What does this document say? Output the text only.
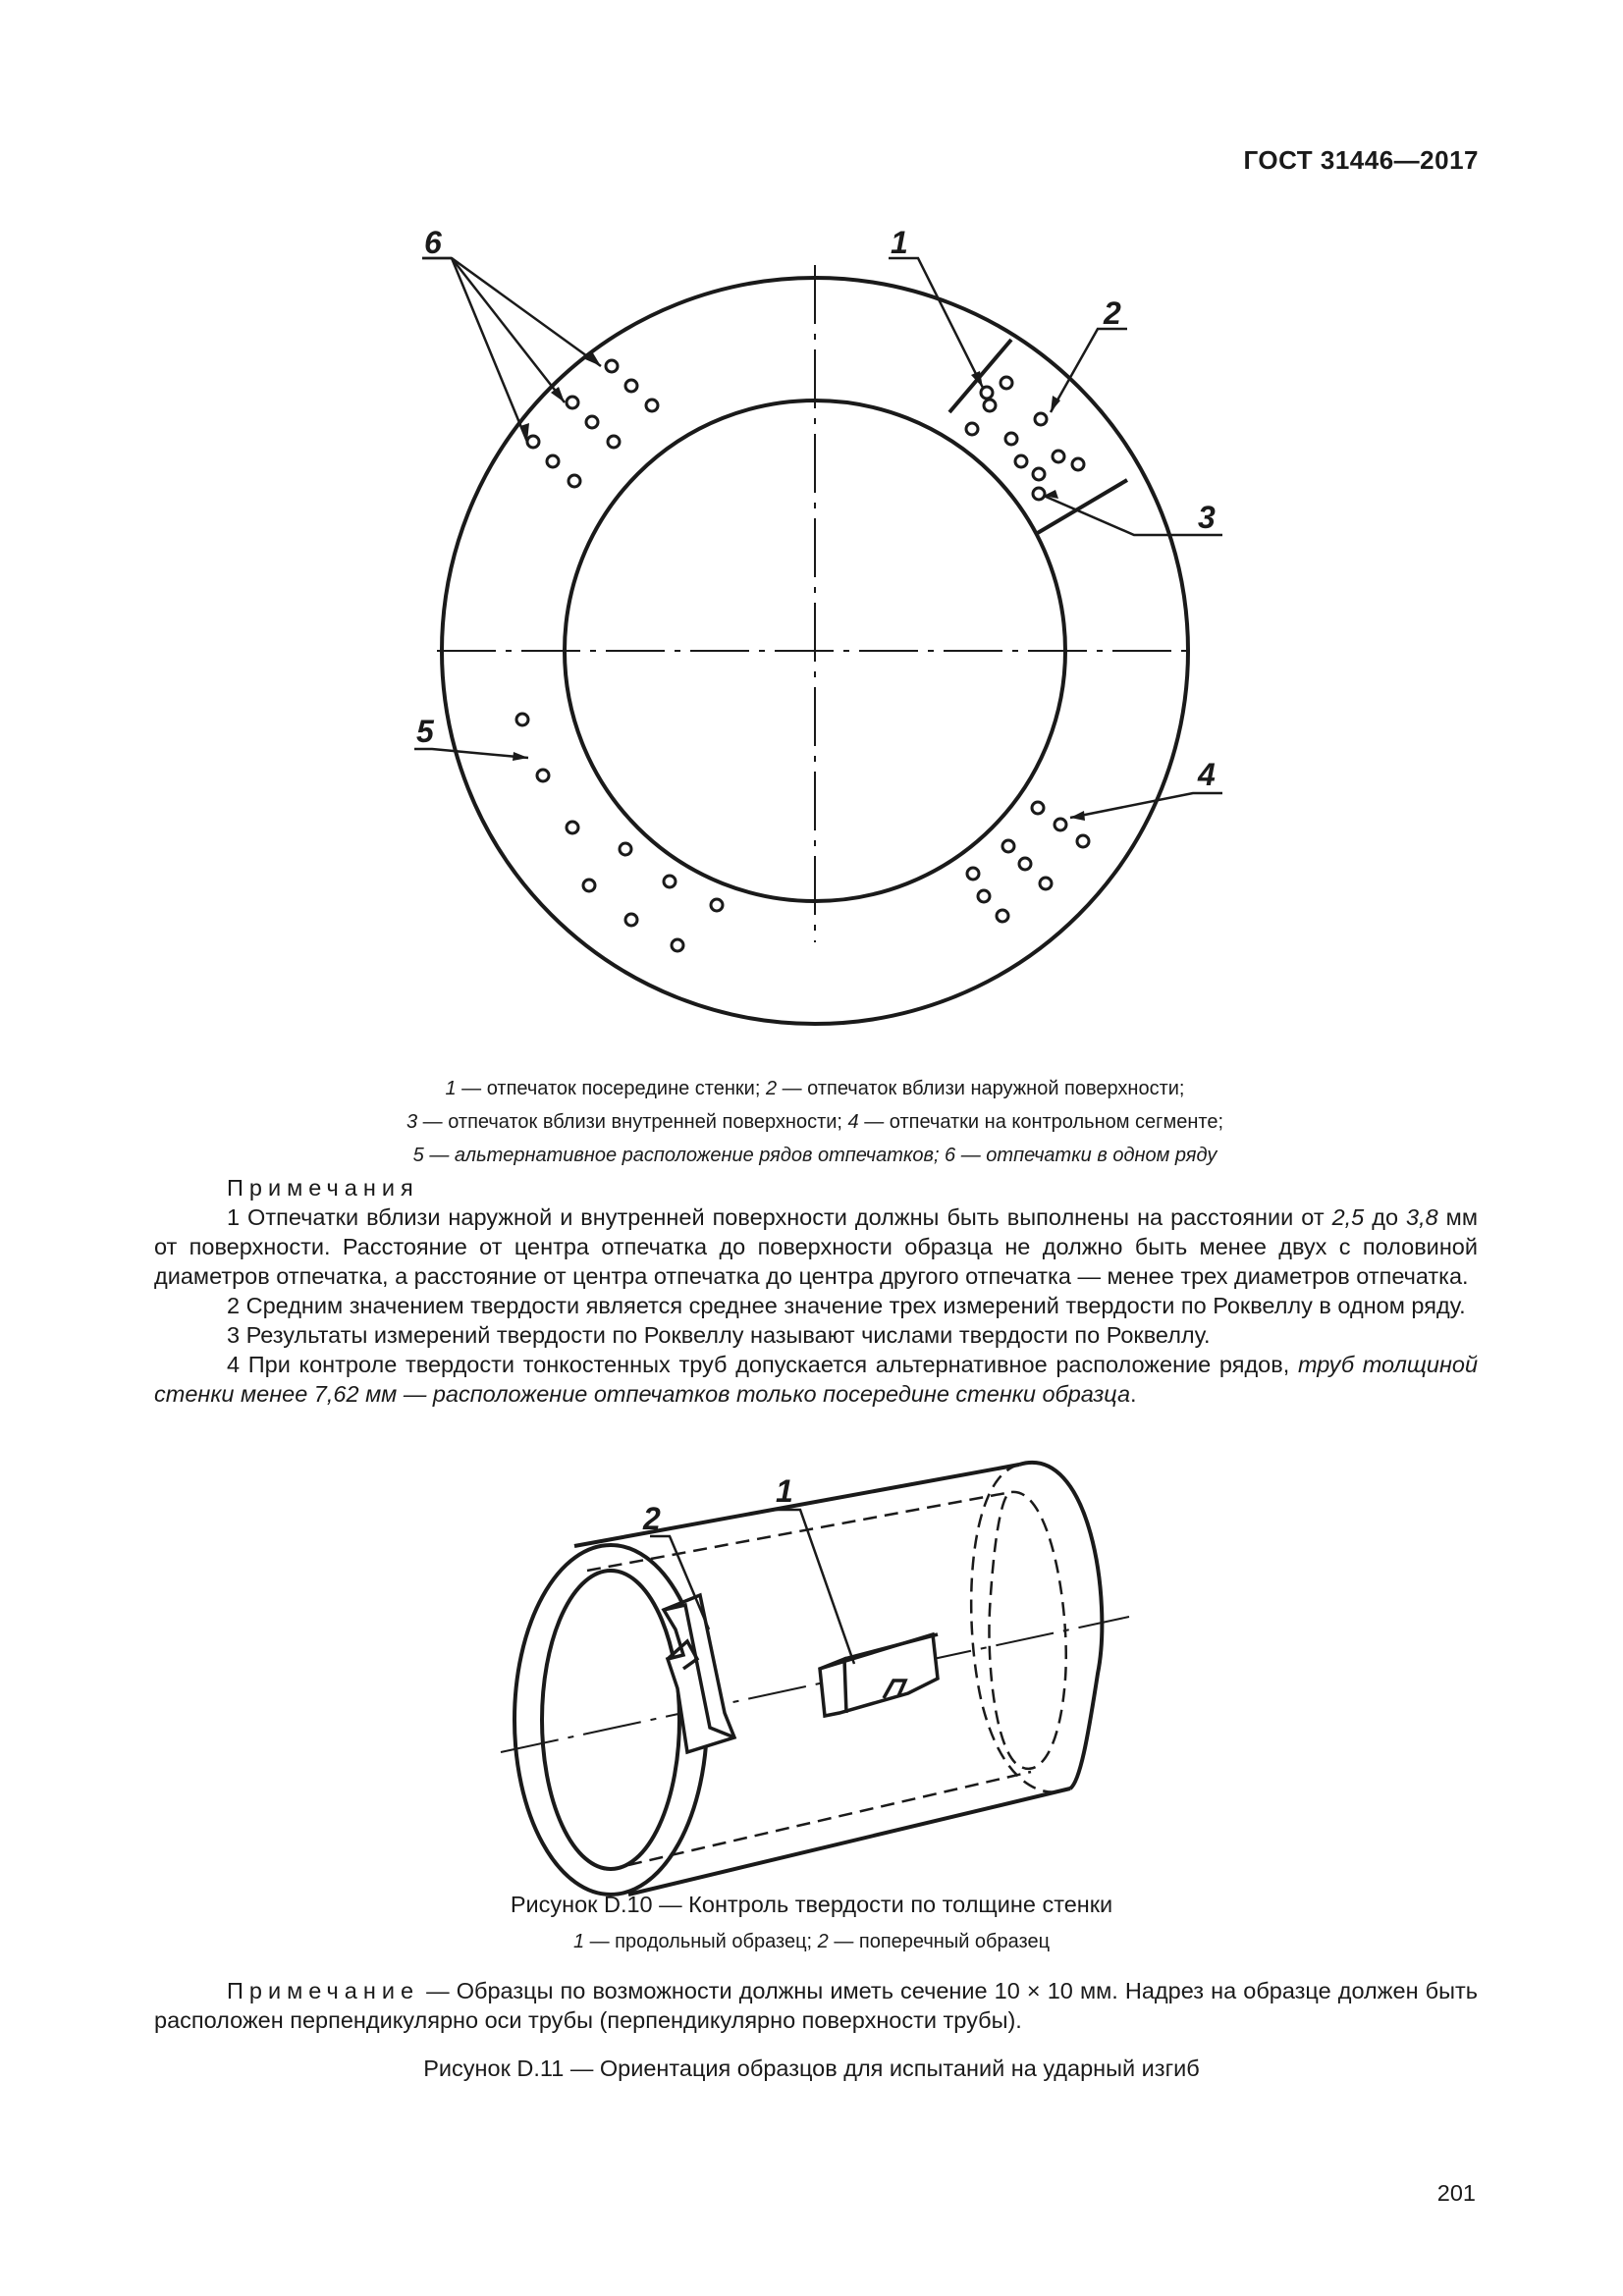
ГОСТ 31446—2017
6	1
2
3
4
5
1 — отпечаток посередине стенки; 2 — отпечаток вблизи наружной поверхности;
3 — отпечаток вблизи внутренней поверхности; 4 — отпечатки на контрольном сегменте;
5 — альтернативное расположение рядов отпечатков; 6 — отпечатки в одном ряду

Примечания

1 Отпечатки вблизи наружной и внутренней поверхности должны быть выполнены на расстоянии от 2,5 до 3,8 мм от поверхности. Расстояние от центра отпечатка до поверхности образца не должно быть менее двух с половиной диаметров отпечатка, а расстояние от центра отпечатка до центра другого отпечатка — менее трех диаметров отпечатка.

2 Средним значением твердости является среднее значение трех измерений твердости по Роквеллу в одном ряду.

3 Результаты измерений твердости по Роквеллу называют числами твердости по Роквеллу.

4 При контроле твердости тонкостенных труб допускается альтернативное расположение рядов, труб толщиной стенки менее 7,62 мм — расположение отпечатков только посередине стенки образца.

2
1
Рисунок D.10 — Контроль твердости по толщине стенки
1 — продольный образец; 2 — поперечный образец

Примечание — Образцы по возможности должны иметь сечение 10 × 10 мм. Надрез на образце должен быть расположен перпендикулярно оси трубы (перпендикулярно поверхности трубы).

Рисунок D.11 — Ориентация образцов для испытаний на ударный изгиб
201
